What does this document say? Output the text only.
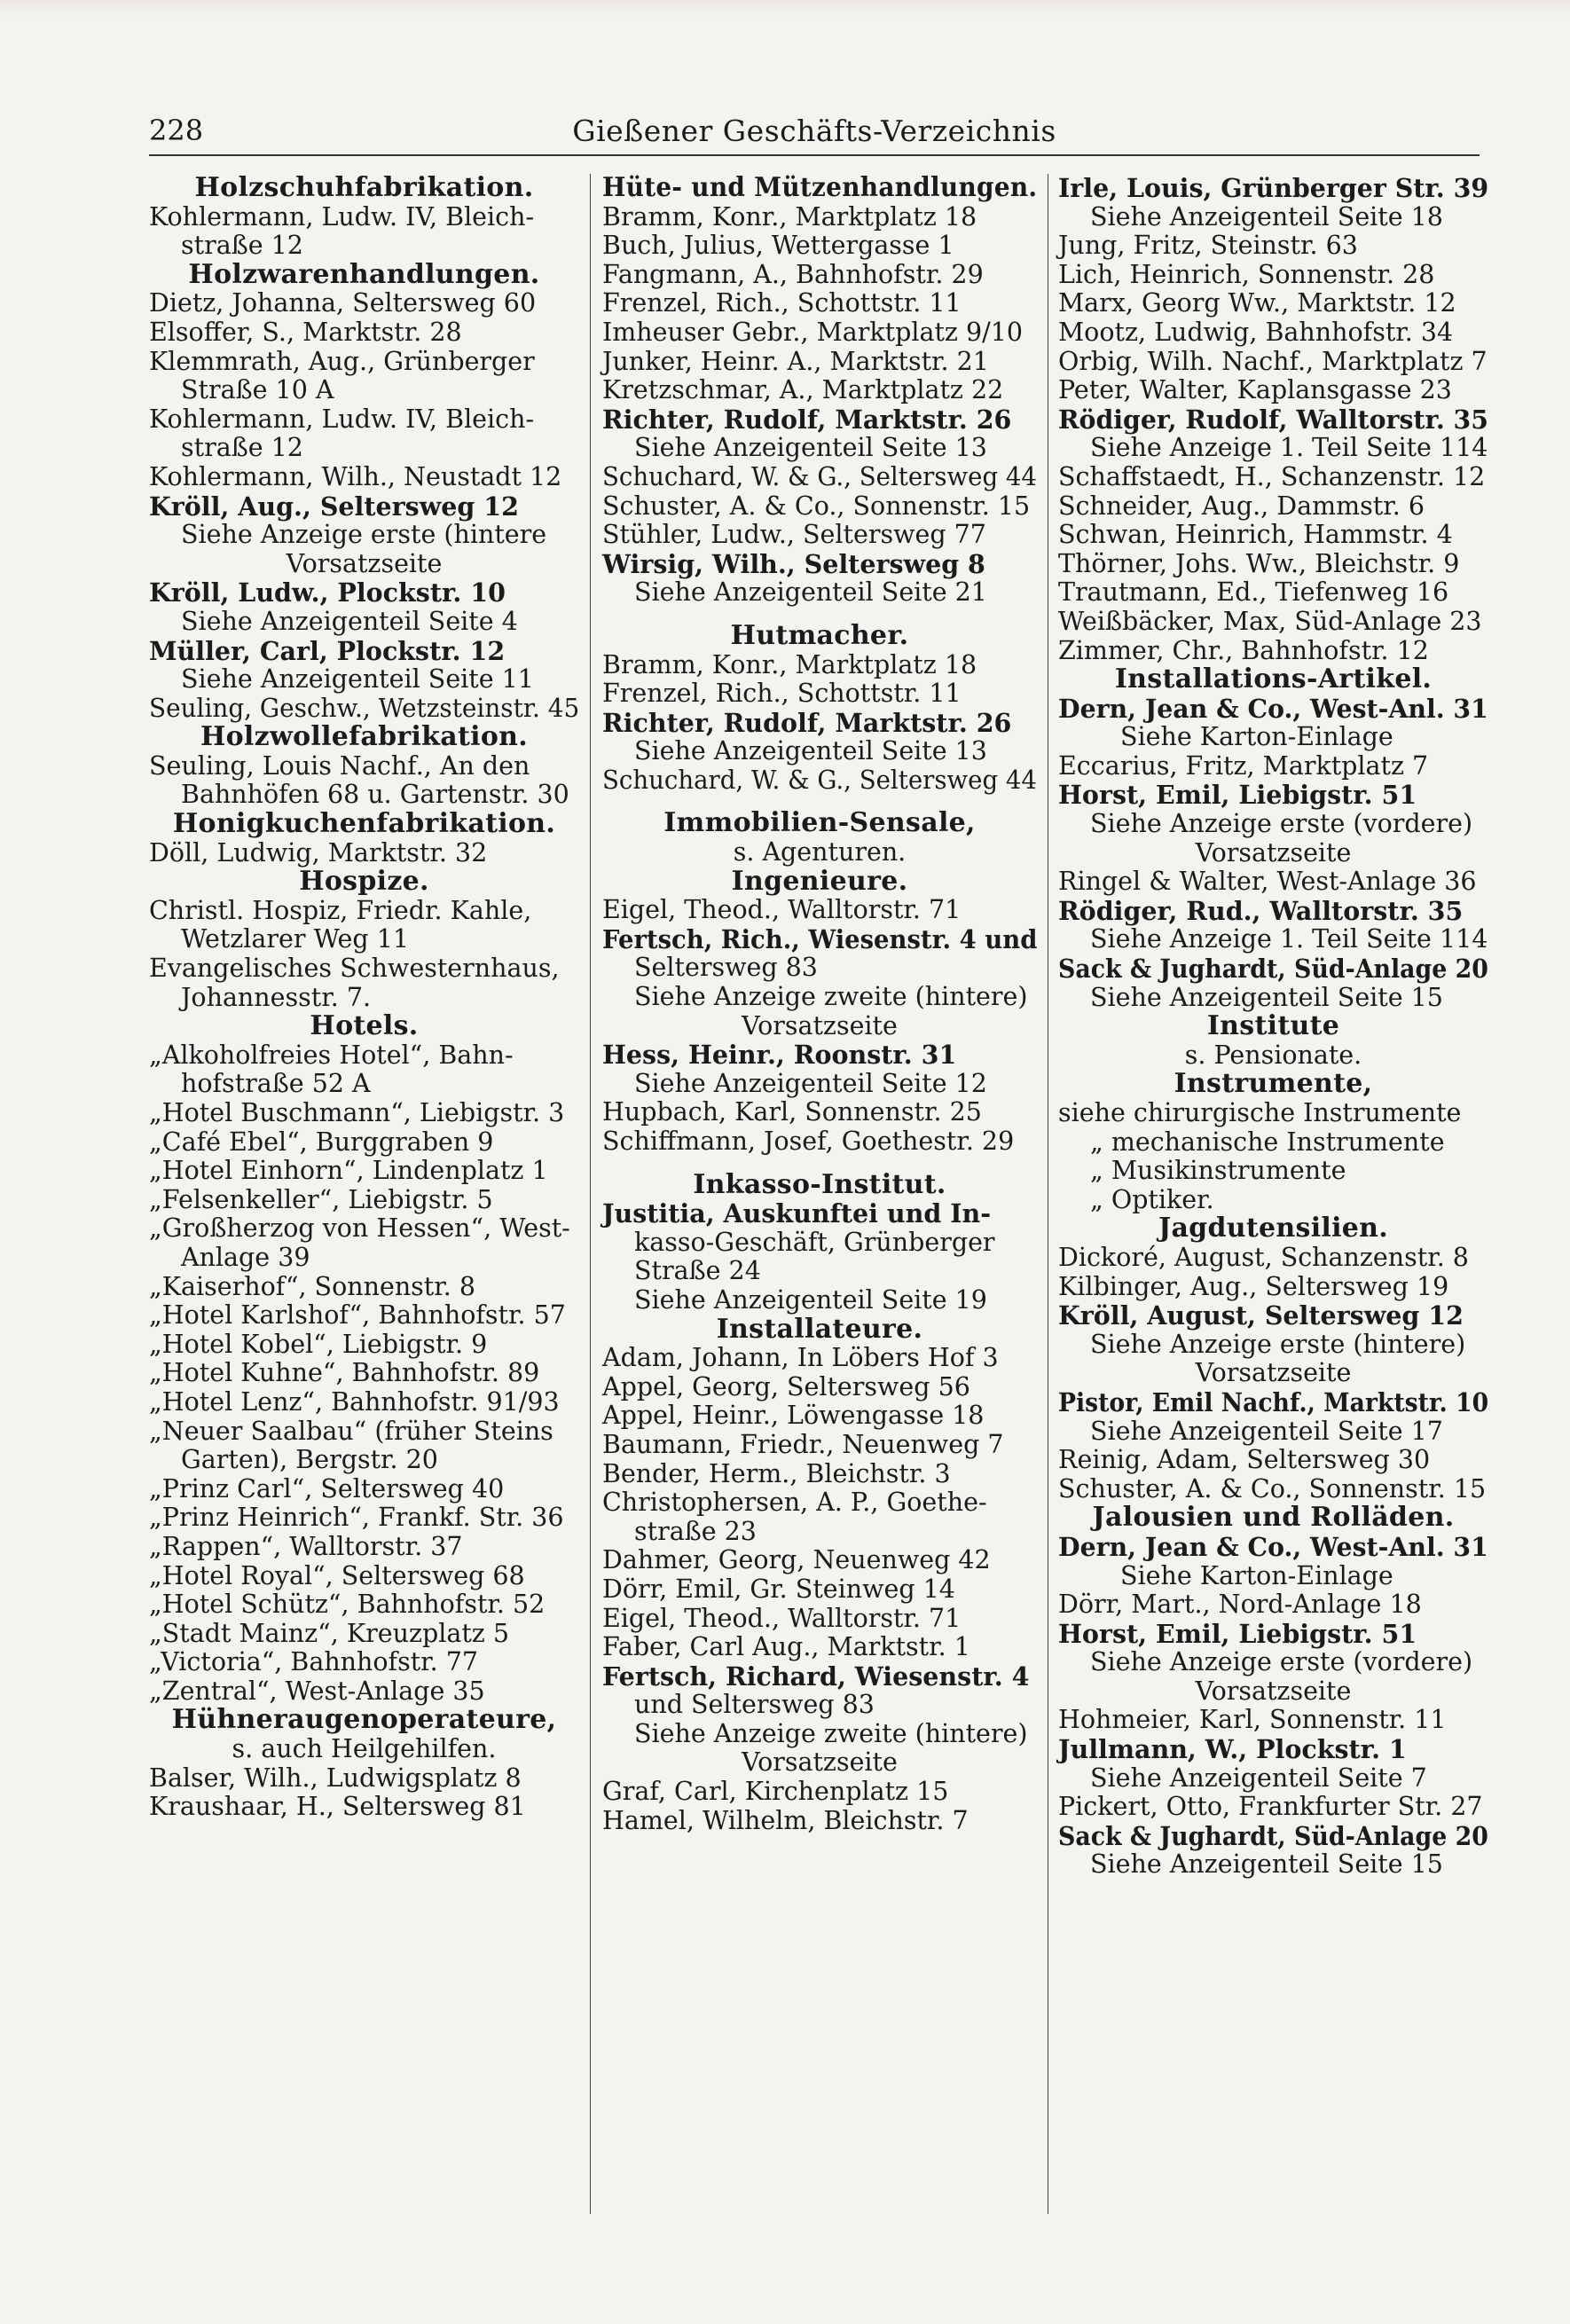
228	Gießener Geschäfts-Verzeichnis
Holzschuhfabrikation.
Kohlermann, Ludw. IV, Bleich-
straße 12
Holzwarenhandlungen.
Dietz, Johanna, Seltersweg 60
Elsoffer, S., Marktstr. 28
Klemmrath, Aug., Grünberger
Straße 10 A
Kohlermann, Ludw. IV, Bleich-
straße 12
Kohlermann, Wilh., Neustadt 12
Kröll, Aug., Seltersweg 12
Siehe Anzeige erste (hintere
Vorsatzseite
Kröll, Ludw., Plockstr. 10
Siehe Anzeigenteil Seite 4
Müller, Carl, Plockstr. 12
Siehe Anzeigenteil Seite 11
Seuling, Geschw., Wetzsteinstr. 45
Holzwollefabrikation.
Seuling, Louis Nachf., An den
Bahnhöfen 68 u. Gartenstr. 30
Honigkuchenfabrikation.
Döll, Ludwig, Marktstr. 32
Hospize.
Christl. Hospiz, Friedr. Kahle,
Wetzlarer Weg 11
Evangelisches Schwesternhaus,
Johannesstr. 7.
Hotels.
„Alkoholfreies Hotel“, Bahn-
hofstraße 52 A
„Hotel Buschmann“, Liebigstr. 3
„Café Ebel“, Burggraben 9
„Hotel Einhorn“, Lindenplatz 1
„Felsenkeller“, Liebigstr. 5
„Großherzog von Hessen“, West-
Anlage 39
„Kaiserhof“, Sonnenstr. 8
„Hotel Karlshof“, Bahnhofstr. 57
„Hotel Kobel“, Liebigstr. 9
„Hotel Kuhne“, Bahnhofstr. 89
„Hotel Lenz“, Bahnhofstr. 91/93
„Neuer Saalbau“ (früher Steins
Garten), Bergstr. 20
„Prinz Carl“, Seltersweg 40
„Prinz Heinrich“, Frankf. Str. 36
„Rappen“, Walltorstr. 37
„Hotel Royal“, Seltersweg 68
„Hotel Schütz“, Bahnhofstr. 52
„Stadt Mainz“, Kreuzplatz 5
„Victoria“, Bahnhofstr. 77
„Zentral“, West-Anlage 35
Hühneraugenoperateure,
s. auch Heilgehilfen.
Balser, Wilh., Ludwigsplatz 8
Kraushaar, H., Seltersweg 81
Hüte- und Mützenhandlungen.
Bramm, Konr., Marktplatz 18
Buch, Julius, Wettergasse 1
Fangmann, A., Bahnhofstr. 29
Frenzel, Rich., Schottstr. 11
Imheuser Gebr., Marktplatz 9/10
Junker, Heinr. A., Marktstr. 21
Kretzschmar, A., Marktplatz 22
Richter, Rudolf, Marktstr. 26
Siehe Anzeigenteil Seite 13
Schuchard, W. & G., Seltersweg 44
Schuster, A. & Co., Sonnenstr. 15
Stühler, Ludw., Seltersweg 77
Wirsig, Wilh., Seltersweg 8
Siehe Anzeigenteil Seite 21
Hutmacher.
Bramm, Konr., Marktplatz 18
Frenzel, Rich., Schottstr. 11
Richter, Rudolf, Marktstr. 26
Siehe Anzeigenteil Seite 13
Schuchard, W. & G., Seltersweg 44
Immobilien-Sensale,
s. Agenturen.
Ingenieure.
Eigel, Theod., Walltorstr. 71
Fertsch, Rich., Wiesenstr. 4 und
Seltersweg 83
Siehe Anzeige zweite (hintere)
Vorsatzseite
Hess, Heinr., Roonstr. 31
Siehe Anzeigenteil Seite 12
Hupbach, Karl, Sonnenstr. 25
Schiffmann, Josef, Goethestr. 29
Inkasso-Institut.
Justitia, Auskunftei und In-
kasso-Geschäft, Grünberger
Straße 24
Siehe Anzeigenteil Seite 19
Installateure.
Adam, Johann, In Löbers Hof 3
Appel, Georg, Seltersweg 56
Appel, Heinr., Löwengasse 18
Baumann, Friedr., Neuenweg 7
Bender, Herm., Bleichstr. 3
Christophersen, A. P., Goethe-
straße 23
Dahmer, Georg, Neuenweg 42
Dörr, Emil, Gr. Steinweg 14
Eigel, Theod., Walltorstr. 71
Faber, Carl Aug., Marktstr. 1
Fertsch, Richard, Wiesenstr. 4
und Seltersweg 83
Siehe Anzeige zweite (hintere)
Vorsatzseite
Graf, Carl, Kirchenplatz 15
Hamel, Wilhelm, Bleichstr. 7
Irle, Louis, Grünberger Str. 39
Siehe Anzeigenteil Seite 18
Jung, Fritz, Steinstr. 63
Lich, Heinrich, Sonnenstr. 28
Marx, Georg Ww., Marktstr. 12
Mootz, Ludwig, Bahnhofstr. 34
Orbig, Wilh. Nachf., Marktplatz 7
Peter, Walter, Kaplansgasse 23
Rödiger, Rudolf, Walltorstr. 35
Siehe Anzeige 1. Teil Seite 114
Schaffstaedt, H., Schanzenstr. 12
Schneider, Aug., Dammstr. 6
Schwan, Heinrich, Hammstr. 4
Thörner, Johs. Ww., Bleichstr. 9
Trautmann, Ed., Tiefenweg 16
Weißbäcker, Max, Süd-Anlage 23
Zimmer, Chr., Bahnhofstr. 12
Installations-Artikel.
Dern, Jean & Co., West-Anl. 31
Siehe Karton-Einlage
Eccarius, Fritz, Marktplatz 7
Horst, Emil, Liebigstr. 51
Siehe Anzeige erste (vordere)
Vorsatzseite
Ringel & Walter, West-Anlage 36
Rödiger, Rud., Walltorstr. 35
Siehe Anzeige 1. Teil Seite 114
Sack & Jughardt, Süd-Anlage 20
Siehe Anzeigenteil Seite 15
Institute
s. Pensionate.
Instrumente,
siehe chirurgische Instrumente
„ mechanische Instrumente
„ Musikinstrumente
„ Optiker.
Jagdutensilien.
Dickoré, August, Schanzenstr. 8
Kilbinger, Aug., Seltersweg 19
Kröll, August, Seltersweg 12
Siehe Anzeige erste (hintere)
Vorsatzseite
Pistor, Emil Nachf., Marktstr. 10
Siehe Anzeigenteil Seite 17
Reinig, Adam, Seltersweg 30
Schuster, A. & Co., Sonnenstr. 15
Jalousien und Rolläden.
Dern, Jean & Co., West-Anl. 31
Siehe Karton-Einlage
Dörr, Mart., Nord-Anlage 18
Horst, Emil, Liebigstr. 51
Siehe Anzeige erste (vordere)
Vorsatzseite
Hohmeier, Karl, Sonnenstr. 11
Jullmann, W., Plockstr. 1
Siehe Anzeigenteil Seite 7
Pickert, Otto, Frankfurter Str. 27
Sack & Jughardt, Süd-Anlage 20
Siehe Anzeigenteil Seite 15
